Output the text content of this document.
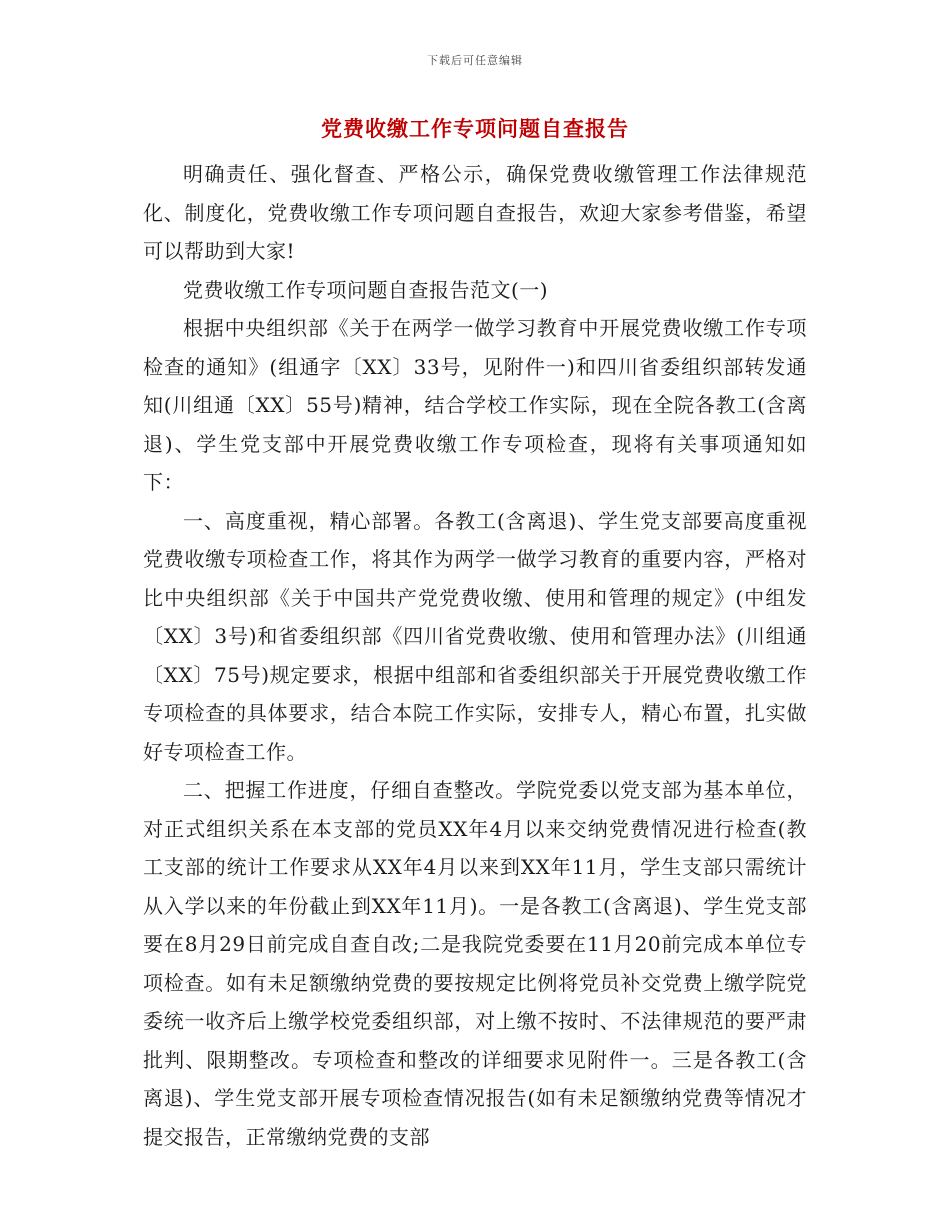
下载后可任意编辑
党费收缴工作专项问题自查报告

明确责任、强化督查、严格公示，确保党费收缴管理工作法律规范化、制度化，党费收缴工作专项问题自查报告，欢迎大家参考借鉴，希望可以帮助到大家!

党费收缴工作专项问题自查报告范文(一)

根据中央组织部《关于在两学一做学习教育中开展党费收缴工作专项检查的通知》(组通字〔XX〕33号，见附件一)和四川省委组织部转发通知(川组通〔XX〕55号)精神，结合学校工作实际，现在全院各教工(含离退)、学生党支部中开展党费收缴工作专项检查，现将有关事项通知如下：

一、高度重视，精心部署。各教工(含离退)、学生党支部要高度重视党费收缴专项检查工作，将其作为两学一做学习教育的重要内容，严格对比中央组织部《关于中国共产党党费收缴、使用和管理的规定》(中组发〔XX〕3号)和省委组织部《四川省党费收缴、使用和管理办法》(川组通〔XX〕75号)规定要求，根据中组部和省委组织部关于开展党费收缴工作专项检查的具体要求，结合本院工作实际，安排专人，精心布置，扎实做好专项检查工作。

二、把握工作进度，仔细自查整改。学院党委以党支部为基本单位，对正式组织关系在本支部的党员XX年4月以来交纳党费情况进行检查(教工支部的统计工作要求从XX年4月以来到XX年11月，学生支部只需统计从入学以来的年份截止到XX年11月)。一是各教工(含离退)、学生党支部要在8月29日前完成自查自改;二是我院党委要在11月20前完成本单位专项检查。如有未足额缴纳党费的要按规定比例将党员补交党费上缴学院党委统一收齐后上缴学校党委组织部，对上缴不按时、不法律规范的要严肃批判、限期整改。专项检查和整改的详细要求见附件一。三是各教工(含离退)、学生党支部开展专项检查情况报告(如有未足额缴纳党费等情况才提交报告，正常缴纳党费的支部
